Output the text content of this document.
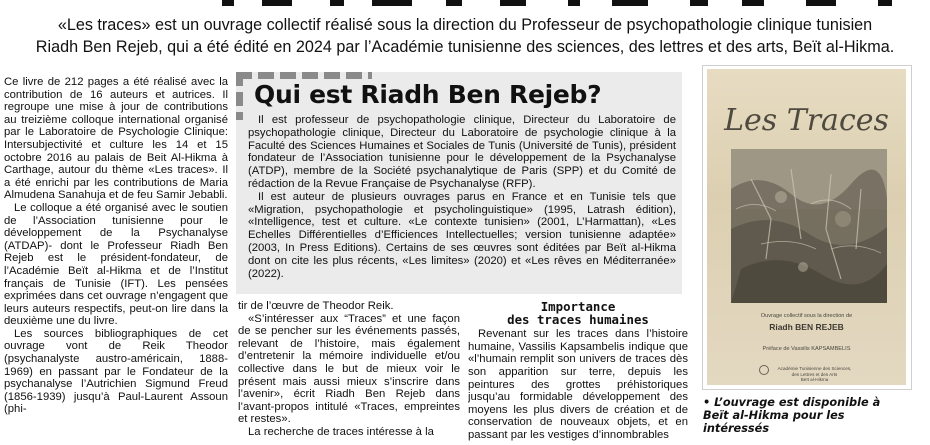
«Les traces» est un ouvrage collectif réalisé sous la direction du Professeur de psychopathologie clinique tunisien
Riadh Ben Rejeb, qui a été édité en 2024 par l’Académie tunisienne des sciences, des lettres et des arts, Beït al-Hikma.

Ce livre de 212 pages a été réalisé avec la contribution de 16 auteurs et autrices. Il regroupe une mise à jour de contributions au treizième colloque international organisé par le Laboratoire de Psychologie Clinique: Intersubjectivité et culture les 14 et 15 octobre 2016 au palais de Beit Al-Hikma à Carthage, autour du thème «Les traces». Il a été enrichi par les contributions de Maria Almudena Sanahuja et de feu Samir Jebabli.

Le colloque a été organisé avec le soutien de l’Association tunisienne pour le développement de la Psychanalyse (ATDAP)- dont le Professeur Riadh Ben Rejeb est le président-fondateur, de l’Académie Beït al-Hikma et de l’Institut français de Tunisie (IFT). Les pensées exprimées dans cet ouvrage n’engagent que leurs auteurs respectifs, peut-on lire dans la deuxième une du livre.

Les sources bibliographiques de cet ouvrage vont de Reik Theodor (psychanalyste austro-américain, 1888-1969) en passant par le Fondateur de la psychanalyse l’Autrichien Sigmund Freud (1856-1939) jusqu’à Paul-Laurent Assoun (phi-

Qui est Riadh Ben Rejeb?

Il est professeur de psychopathologie clinique, Directeur du Laboratoire de psychopathologie clinique, Directeur du Laboratoire de psychologie clinique à la Faculté des Sciences Humaines et Sociales de Tunis (Université de Tunis), président fondateur de l’Association tunisienne pour le développement de la Psychanalyse (ATDP), membre de la Société psychanalytique de Paris (SPP) et du Comité de rédaction de la Revue Française de Psychanalyse (RFP).

Il est auteur de plusieurs ouvrages parus en France et en Tunisie tels que «Migration, psychopathologie et psycholinguistique» (1995, Latrash édition), «Intelligence, test et culture. «Le contexte tunisien» (2001, L’Harmattan), «Les Echelles Différentielles d’Efficiences Intellectuelles; version tunisienne adaptée» (2003, In Press Editions). Certains de ses œuvres sont éditées par Beït al-Hikma dont on cite les plus récents, «Les limites» (2020) et «Les rêves en Méditerranée» (2022).

tir de l’œuvre de Theodor Reik.

«S’intéresser aux “Traces” et une façon de se pencher sur les événements passés, relevant de l’histoire, mais également d’entretenir la mémoire individuelle et/ou collective dans le but de mieux voir le présent mais aussi mieux s’inscrire dans l’avenir», écrit Riadh Ben Rejeb dans l’avant-propos intitulé «Traces, empreintes et restes».

La recherche de traces intéresse à la

Importance
des traces humaines

Revenant sur les traces dans l’histoire humaine, Vassilis Kapsambelis indique que «l’humain remplit son univers de traces dès son apparition sur terre, depuis les peintures des grottes préhistoriques jusqu’au formidable développement des moyens les plus divers de création et de conservation de nouveaux objets, et en passant par les vestiges d’innombrables

Les Traces
Ouvrage collectif sous la direction de
Riadh BEN REJEB
Préface de Vassilis KAPSAMBELIS
Académie Tunisienne des Sciences,
des Lettres et des Arts
Beït al-Hikma
• L’ouvrage est disponible à
Beït al-Hikma pour les
intéressés
